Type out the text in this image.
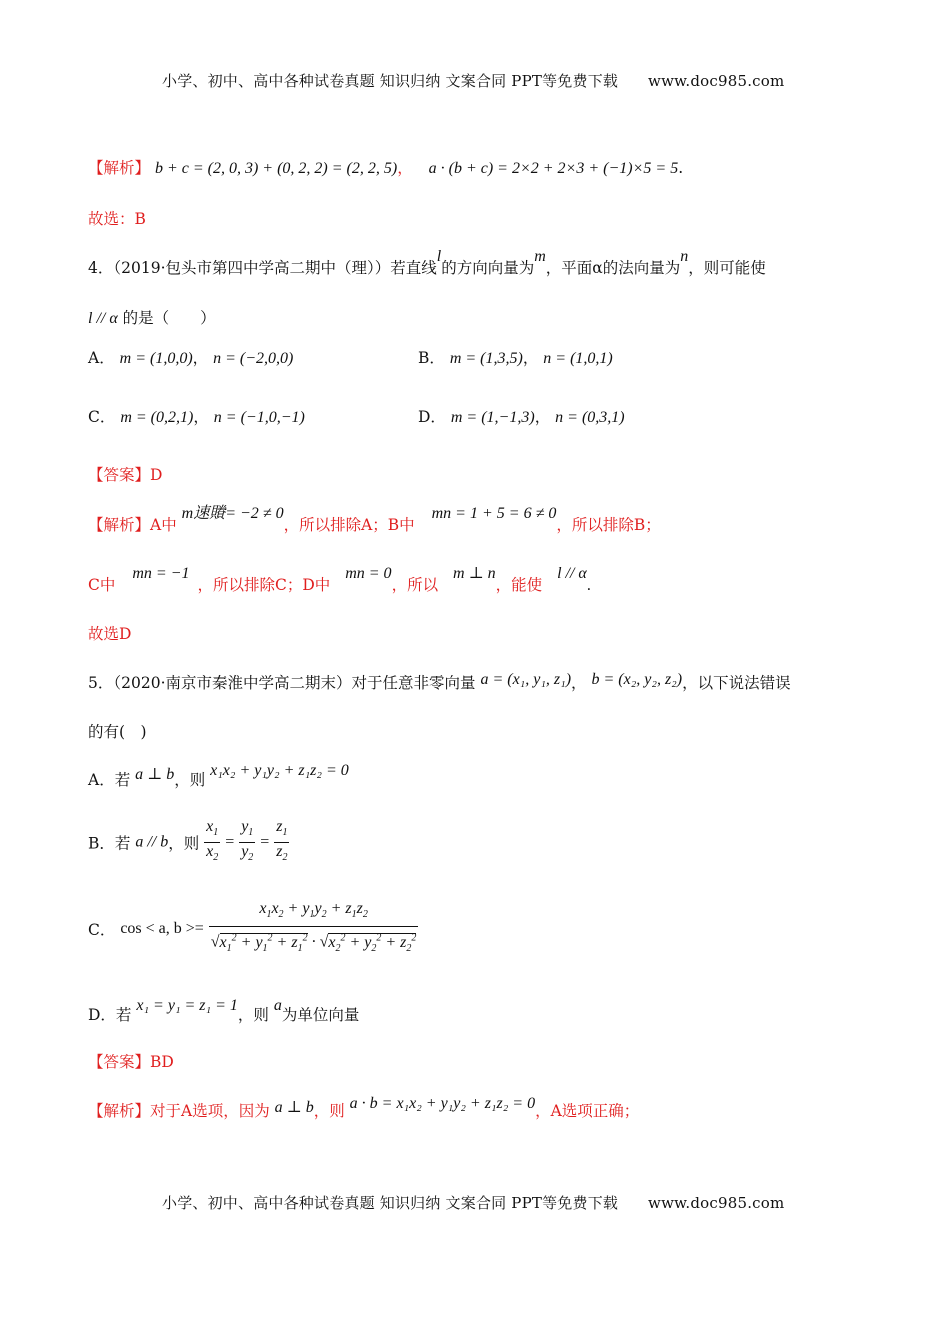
小学、初中、高中各种试卷真题 知识归纳 文案合同 PPT等免费下载 www.doc985.com
【解析】 b + c = (2, 0, 3) + (0, 2, 2) = (2, 2, 5)， a · (b + c) = 2×2 + 2×3 + (−1)×5 = 5.
故选：B
4．（2019·包头市第四中学高二期中（理））若直线l的方向向量为m，平面α的法向量为n，则可能使
l // α 的是（　　）
A． m = (1,0,0)， n = (−2,0,0)	B． m = (1,3,5)， n = (1,0,1)
C． m = (0,2,1)， n = (−1,0,−1)	D． m = (1,−1,3)， n = (0,3,1)
【答案】D
【解析】A中 m速䞉= −2 ≠ 0，所以排除A；B中 mn = 1 + 5 = 6 ≠ 0，所以排除B；
C中 mn = −1，所以排除C；D中 mn = 0，所以 m ⊥ n，能使 l // α.
故选D
5．（2020·南京市秦淮中学高二期末）对于任意非零向量 a = (x₁, y₁, z₁)， b = (x₂, y₂, z₂)，以下说法错误
的有(　)
A．若 a ⊥ b，则 x₁x₂ + y₁y₂ + z₁z₂ = 0
B．若 a // b，则 $\frac{x_1}{x_2} = \frac{y_1}{y_2} = \frac{z_1}{z_2}$
C． cos < a, $b >= \frac{x_1x_2 + y_1y_2 + z_1z_2}{√x_1^2 + y_1^2 + z_1^2 \cdot √x_2^2 + y_2^2 + z_2^2}$
D．若 x₁ = y₁ = z₁ = 1，则 a为单位向量
【答案】BD
【解析】对于A选项，因为 a ⊥ b，则 a · b = x₁x₂ + y₁y₂ + z₁z₂ = 0，A选项正确；
小学、初中、高中各种试卷真题 知识归纳 文案合同 PPT等免费下载 www.doc985.com
